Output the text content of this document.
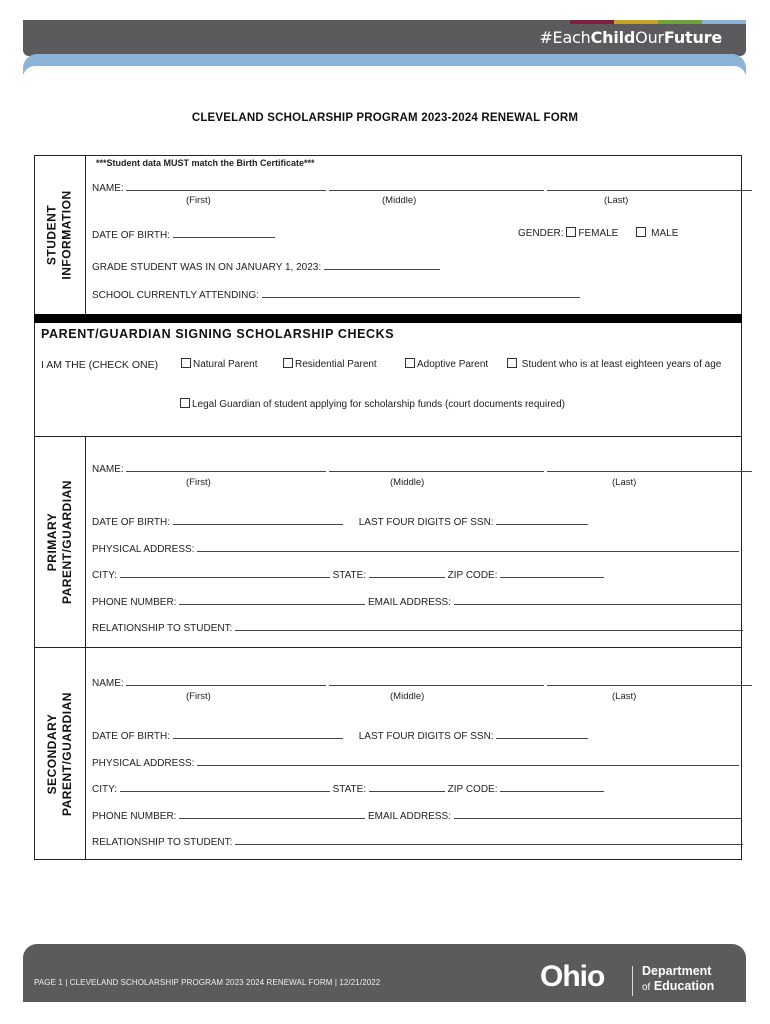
#EachChildOurFuture
CLEVELAND SCHOLARSHIP PROGRAM 2023-2024 RENEWAL FORM
STUDENT INFORMATION
***Student data MUST match the Birth Certificate***
NAME:
(First)	(Middle)	(Last)
DATE OF BIRTH:	GENDER: FEMALE	MALE
GRADE STUDENT WAS IN ON JANUARY 1, 2023:
SCHOOL CURRENTLY ATTENDING:
PARENT/GUARDIAN SIGNING SCHOLARSHIP CHECKS
I AM THE (CHECK ONE)	Natural Parent	Residential Parent	Adoptive Parent	Student who is at least eighteen years of age
Legal Guardian of student applying for scholarship funds (court documents required)
PRIMARY PARENT/GUARDIAN
NAME:
(First)	(Middle)	(Last)
DATE OF BIRTH:	LAST FOUR DIGITS OF SSN:
PHYSICAL ADDRESS:
CITY:	STATE:	ZIP CODE:
PHONE NUMBER:	EMAIL ADDRESS:
RELATIONSHIP TO STUDENT:
SECONDARY PARENT/GUARDIAN
NAME:
(First)	(Middle)	(Last)
DATE OF BIRTH:	LAST FOUR DIGITS OF SSN:
PHYSICAL ADDRESS:
CITY:	STATE:	ZIP CODE:
PHONE NUMBER:	EMAIL ADDRESS:
RELATIONSHIP TO STUDENT:
PAGE 1 | CLEVELAND SCHOLARSHIP PROGRAM 2023 2024 RENEWAL FORM | 12/21/2022	Ohio	Department
of Education
